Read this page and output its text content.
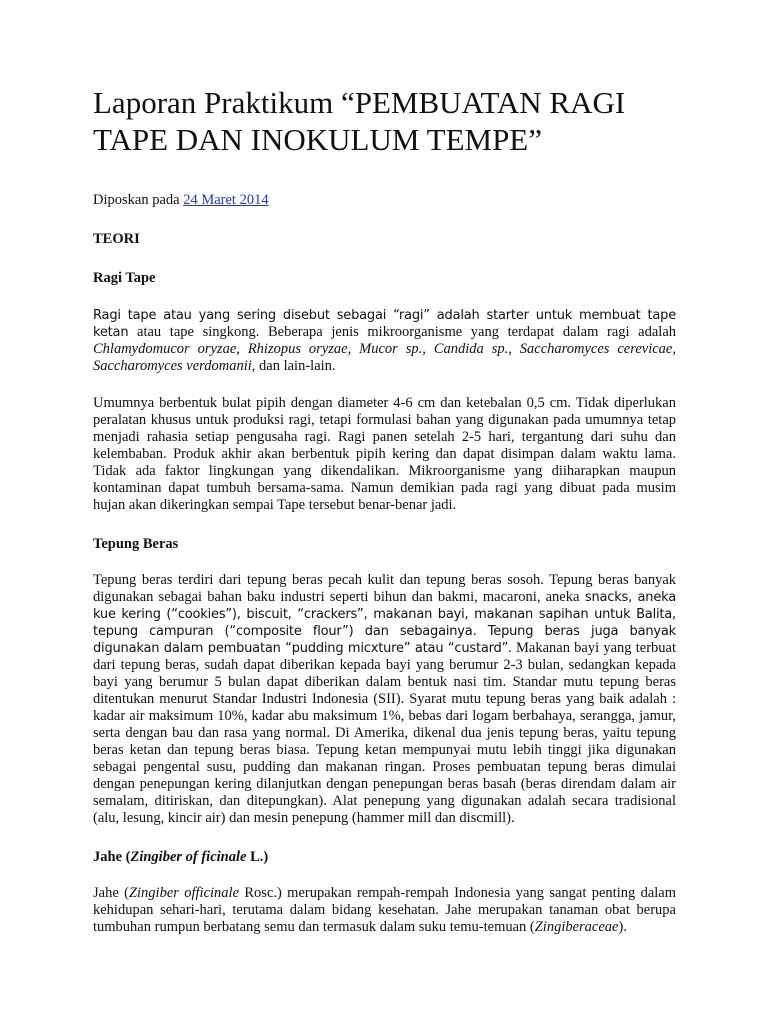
Laporan Praktikum “PEMBUATAN RAGI TAPE DAN INOKULUM TEMPE”

Diposkan pada 24 Maret 2014

TEORI

Ragi Tape

Ragi tape atau yang sering disebut sebagai “ragi” adalah starter untuk membuat tape ketan atau tape singkong. Beberapa jenis mikroorganisme yang terdapat dalam ragi adalah Chlamydomucor oryzae, Rhizopus oryzae, Mucor sp., Candida sp., Saccharomyces cerevicae, Saccharomyces verdomanii, dan lain-lain.

Umumnya berbentuk bulat pipih dengan diameter 4-6 cm dan ketebalan 0,5 cm. Tidak diperlukan peralatan khusus untuk produksi ragi, tetapi formulasi bahan yang digunakan pada umumnya tetap menjadi rahasia setiap pengusaha ragi. Ragi panen setelah 2-5 hari, tergantung dari suhu dan kelembaban. Produk akhir akan berbentuk pipih kering dan dapat disimpan dalam waktu lama. Tidak ada faktor lingkungan yang dikendalikan. Mikroorganisme yang diiharapkan maupun kontaminan dapat tumbuh bersama-sama. Namun demikian pada ragi yang dibuat pada musim hujan akan dikeringkan sempai Tape tersebut benar-benar jadi.

Tepung Beras

Tepung beras terdiri dari tepung beras pecah kulit dan tepung beras sosoh. Tepung beras banyak digunakan sebagai bahan baku industri seperti bihun dan bakmi, macaroni, aneka snacks, aneka kue kering (“cookies”), biscuit, “crackers”, makanan bayi, makanan sapihan untuk Balita, tepung campuran (“composite flour”) dan sebagainya. Tepung beras juga banyak digunakan dalam pembuatan “pudding micxture” atau “custard”. Makanan bayi yang terbuat dari tepung beras, sudah dapat diberikan kepada bayi yang berumur 2-3 bulan, sedangkan kepada bayi yang berumur 5 bulan dapat diberikan dalam bentuk nasi tim. Standar mutu tepung beras ditentukan menurut Standar Industri Indonesia (SII). Syarat mutu tepung beras yang baik adalah : kadar air maksimum 10%, kadar abu maksimum 1%, bebas dari logam berbahaya, serangga, jamur, serta dengan bau dan rasa yang normal. Di Amerika, dikenal dua jenis tepung beras, yaitu tepung beras ketan dan tepung beras biasa. Tepung ketan mempunyai mutu lebih tinggi jika digunakan sebagai pengental susu, pudding dan makanan ringan. Proses pembuatan tepung beras dimulai dengan penepungan kering dilanjutkan dengan penepungan beras basah (beras direndam dalam air semalam, ditiriskan, dan ditepungkan). Alat penepung yang digunakan adalah secara tradisional (alu, lesung, kincir air) dan mesin penepung (hammer mill dan discmill).

Jahe (Zingiber of ficinale L.)

Jahe (Zingiber officinale Rosc.) merupakan rempah-rempah Indonesia yang sangat penting dalam kehidupan sehari-hari, terutama dalam bidang kesehatan. Jahe merupakan tanaman obat berupa tumbuhan rumpun berbatang semu dan termasuk dalam suku temu-temuan (Zingiberaceae).
